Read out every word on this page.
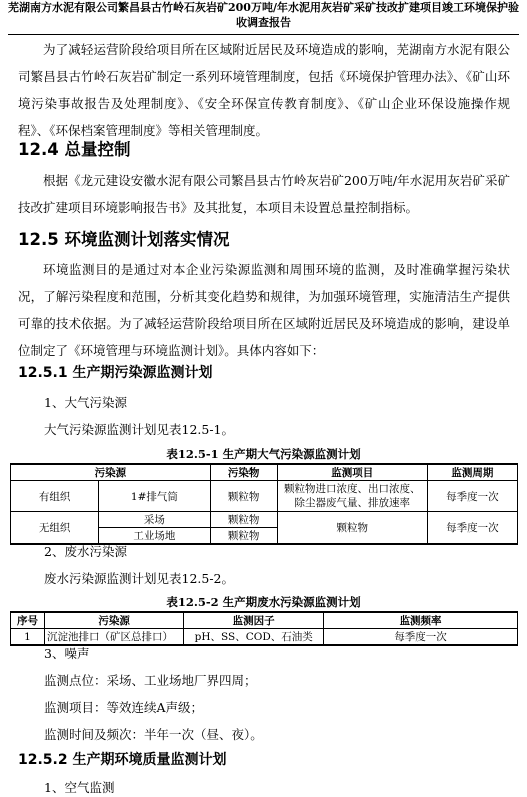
芜湖南方水泥有限公司繁昌县古竹岭石灰岩矿200万吨/年水泥用灰岩矿采矿技改扩建项目竣工环境保护验收调查报告
为了减轻运营阶段给项目所在区域附近居民及环境造成的影响，芜湖南方水泥有限公司繁昌县古竹岭石灰岩矿制定一系列环境管理制度，包括《环境保护管理办法》、《矿山环境污染事故报告及处理制度》、《安全环保宣传教育制度》、《矿山企业环保设施操作规程》、《环保档案管理制度》等相关管理制度。
12.4 总量控制
根据《龙元建设安徽水泥有限公司繁昌县古竹岭灰岩矿200万吨/年水泥用灰岩矿采矿技改扩建项目环境影响报告书》及其批复，本项目未设置总量控制指标。
12.5 环境监测计划落实情况
环境监测目的是通过对本企业污染源监测和周围环境的监测，及时准确掌握污染状况，了解污染程度和范围，分析其变化趋势和规律，为加强环境管理，实施清洁生产提供可靠的技术依据。为了减轻运营阶段给项目所在区域附近居民及环境造成的影响，建设单位制定了《环境管理与环境监测计划》。具体内容如下：
12.5.1 生产期污染源监测计划
1、大气污染源
大气污染源监测计划见表12.5-1。
表12.5-1 生产期大气污染源监测计划
污染源		污染物	监测项目	监测周期
有组织	1#排气筒	颗粒物	颗粒物进口浓度、出口浓度、除尘器废气量、排放速率	每季度一次
无组织	采场	颗粒物	颗粒物	每季度一次
	工业场地	颗粒物		
2、废水污染源
废水污染源监测计划见表12.5-2。
表12.5-2 生产期废水污染源监测计划
序号	污染源	监测因子	监测频率
1	沉淀池排口（矿区总排口）	pH、SS、COD、石油类	每季度一次
3、噪声
监测点位：采场、工业场地厂界四周；
监测项目：等效连续A声级；
监测时间及频次：半年一次（昼、夜）。
12.5.2 生产期环境质量监测计划
1、空气监测
